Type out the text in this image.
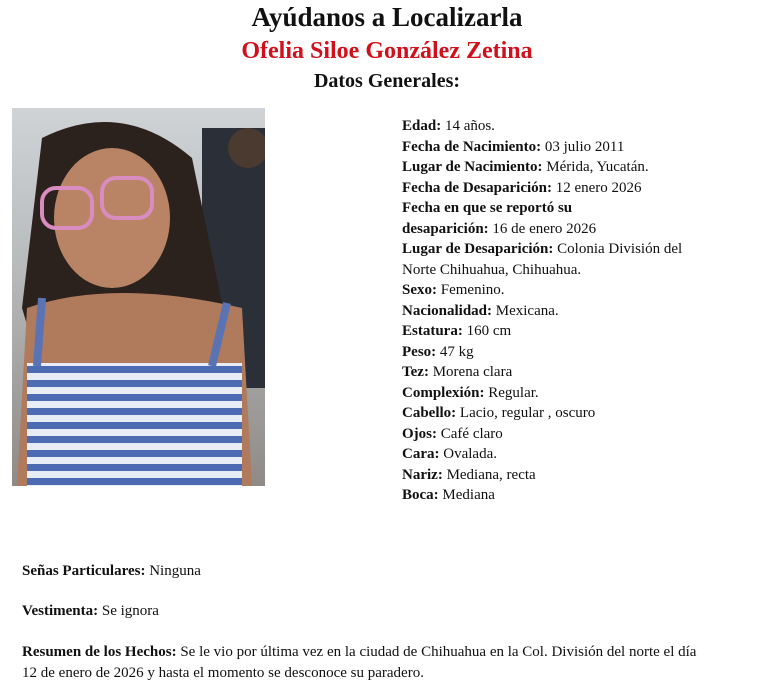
Ayúdanos a Localizarla
Ofelia Siloe González Zetina
Datos Generales:
Edad: 14 años.
Fecha de Nacimiento: 03 julio 2011
Lugar de Nacimiento: Mérida, Yucatán.
Fecha de Desaparición: 12 enero 2026
Fecha en que se reportó su desaparición: 16 de enero 2026
Lugar de Desaparición: Colonia División del Norte Chihuahua, Chihuahua.
Sexo: Femenino.
Nacionalidad: Mexicana.
Estatura: 160 cm
Peso: 47 kg
Tez: Morena clara
Complexión: Regular.
Cabello: Lacio, regular , oscuro
Ojos: Café claro
Cara: Ovalada.
Nariz: Mediana, recta
Boca: Mediana
Señas Particulares: Ninguna
Vestimenta: Se ignora
Resumen de los Hechos: Se le vio por última vez en la ciudad de Chihuahua en la Col. División del norte el día 12 de enero de 2026 y hasta el momento se desconoce su paradero.
